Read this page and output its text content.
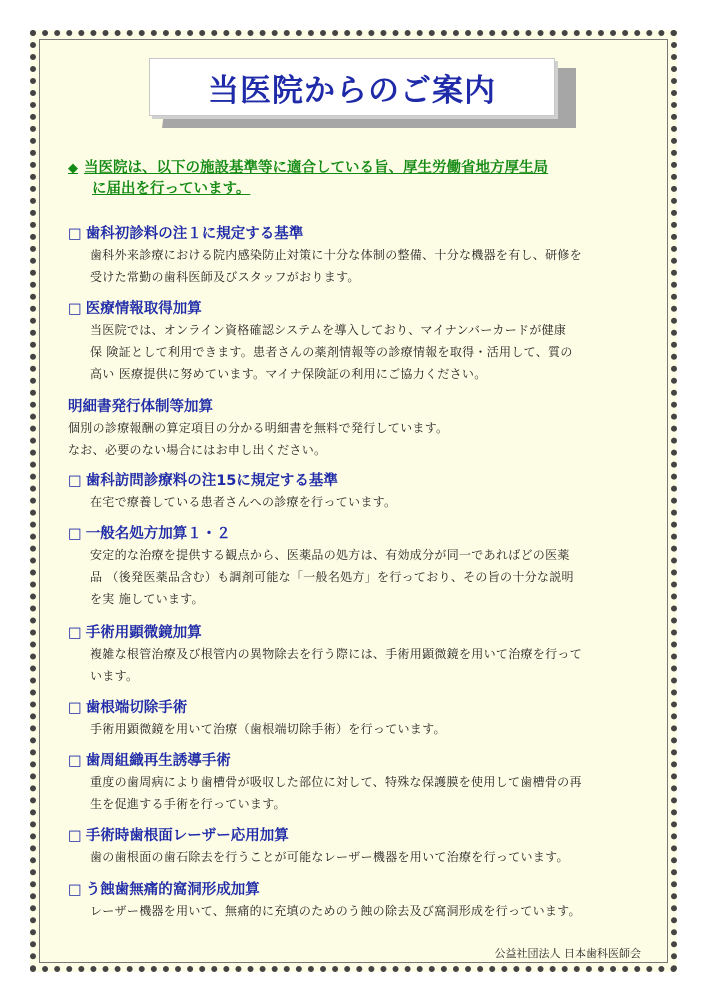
当医院からのご案内
◆ 当医院は、以下の施設基準等に適合している旨、厚生労働省地方厚生局
に届出を行っています。
□ 歯科初診料の注１に規定する基準
歯科外来診療における院内感染防止対策に十分な体制の整備、十分な機器を有し、研修を
受けた常勤の歯科医師及びスタッフがおります。
□ 医療情報取得加算
当医院では、オンライン資格確認システムを導入しており、マイナンバーカードが健康
保 険証として利用できます。患者さんの薬剤情報等の診療情報を取得・活用して、質の
高い 医療提供に努めています。マイナ保険証の利用にご協力ください。
明細書発行体制等加算
個別の診療報酬の算定項目の分かる明細書を無料で発行しています。
なお、必要のない場合にはお申し出ください。
□ 歯科訪問診療料の注15に規定する基準
在宅で療養している患者さんへの診療を行っています。
□ 一般名処方加算１・２
安定的な治療を提供する観点から、医薬品の処方は、有効成分が同一であればどの医薬
品 （後発医薬品含む）も調剤可能な「一般名処方」を行っており、その旨の十分な説明
を実 施しています。
□ 手術用顕微鏡加算
複雑な根管治療及び根管内の異物除去を行う際には、手術用顕微鏡を用いて治療を行って
います。
□ 歯根端切除手術
手術用顕微鏡を用いて治療（歯根端切除手術）を行っています。
□ 歯周組織再生誘導手術
重度の歯周病により歯槽骨が吸収した部位に対して、特殊な保護膜を使用して歯槽骨の再
生を促進する手術を行っています。
□ 手術時歯根面レーザー応用加算
歯の歯根面の歯石除去を行うことが可能なレーザー機器を用いて治療を行っています。
□ う蝕歯無痛的窩洞形成加算
レーザー機器を用いて、無痛的に充填のためのう蝕の除去及び窩洞形成を行っています。
公益社団法人 日本歯科医師会
